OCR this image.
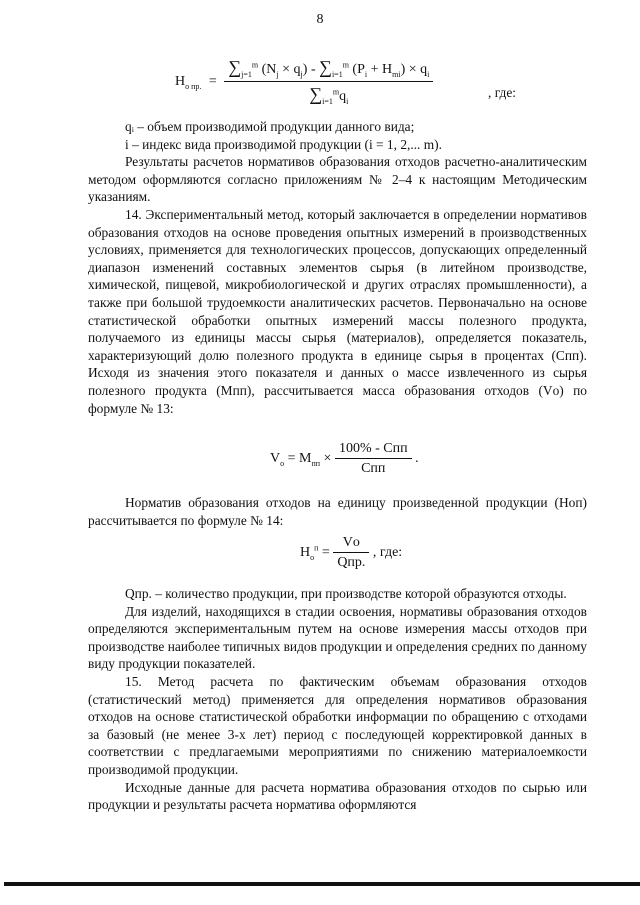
8
$Н_{о пр.} = \frac{\sum_{j=1}^m (N_j \times q_j) - \sum_{i=1}^m (P_i + H_{mi}) \times q_i}{\sum_{i=1}^mq_i}$	, где:

qᵢ – объем производимой продукции данного вида;

i – индекс вида производимой продукции (i = 1, 2,... m).

Результаты расчетов нормативов образования отходов расчетно-аналитическим методом оформляются согласно приложениям № 2–4 к настоящим Методическим указаниям.

14. Экспериментальный метод, который заключается в определении нормативов образования отходов на основе проведения опытных измерений в производственных условиях, применяется для технологических процессов, допускающих определенный диапазон изменений составных элементов сырья (в литейном производстве, химической, пищевой, микробиологической и других отраслях промышленности), а также при большой трудоемкости аналитических расчетов. Первоначально на основе статистической обработки опытных измерений массы полезного продукта, получаемого из единицы массы сырья (материалов), определяется показатель, характеризующий долю полезного продукта в единице сырья в процентах (Cпп). Исходя из значения этого показателя и данных о массе извлеченного из сырья полезного продукта (Mпп), рассчитывается масса образования отходов (Vо) по формуле № 13:

$V_о = M_{пп} \times \frac{\text{100\% - Cпп}}{\text{Cпп}}$ .

Норматив образования отходов на единицу произведенной продукции (Hоп) рассчитывается по формуле № 14:

$H_о^п = \frac{Vо}{\text{Qпр.}}$ , где:

Qпр. – количество продукции, при производстве которой образуются отходы.

Для изделий, находящихся в стадии освоения, нормативы образования отходов определяются экспериментальным путем на основе измерения массы отходов при производстве наиболее типичных видов продукции и определения средних по данному виду продукции показателей.

15. Метод расчета по фактическим объемам образования отходов (статистический метод) применяется для определения нормативов образования отходов на основе статистической обработки информации по обращению с отходами за базовый (не менее 3-х лет) период с последующей корректировкой данных в соответствии с предлагаемыми мероприятиями по снижению материалоемкости производимой продукции.

Исходные данные для расчета норматива образования отходов по сырью или продукции и результаты расчета норматива оформляются
